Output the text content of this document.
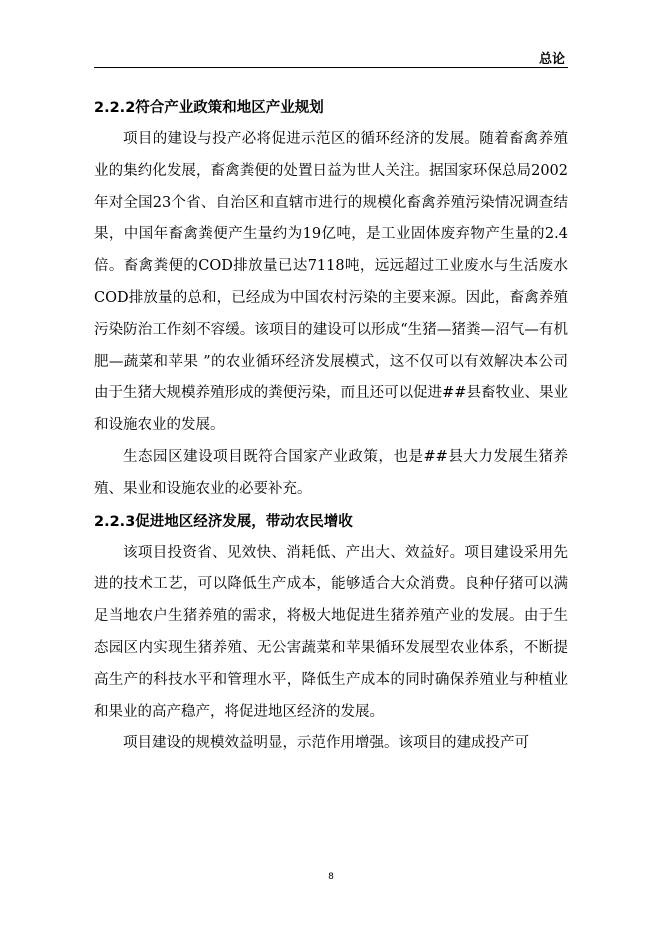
总论
2.2.2符合产业政策和地区产业规划

项目的建设与投产必将促进示范区的循环经济的发展。随着畜禽养殖业的集约化发展，畜禽粪便的处置日益为世人关注。据国家环保总局2002年对全国23个省、自治区和直辖市进行的规模化畜禽养殖污染情况调查结果，中国年畜禽粪便产生量约为19亿吨，是工业固体废弃物产生量的2.4倍。畜禽粪便的COD排放量已达7118吨，远远超过工业废水与生活废水COD排放量的总和，已经成为中国农村污染的主要来源。因此，畜禽养殖污染防治工作刻不容缓。该项目的建设可以形成“生猪—猪粪—沼气—有机肥—蔬菜和苹果 ”的农业循环经济发展模式，这不仅可以有效解决本公司由于生猪大规模养殖形成的粪便污染，而且还可以促进##县畜牧业、果业和设施农业的发展。

生态园区建设项目既符合国家产业政策，也是##县大力发展生猪养殖、果业和设施农业的必要补充。

2.2.3促进地区经济发展，带动农民增收

该项目投资省、见效快、消耗低、产出大、效益好。项目建设采用先进的技术工艺，可以降低生产成本，能够适合大众消费。良种仔猪可以满足当地农户生猪养殖的需求，将极大地促进生猪养殖产业的发展。由于生态园区内实现生猪养殖、无公害蔬菜和苹果循环发展型农业体系，不断提高生产的科技水平和管理水平，降低生产成本的同时确保养殖业与种植业和果业的高产稳产，将促进地区经济的发展。

项目建设的规模效益明显，示范作用增强。该项目的建成投产可

8
